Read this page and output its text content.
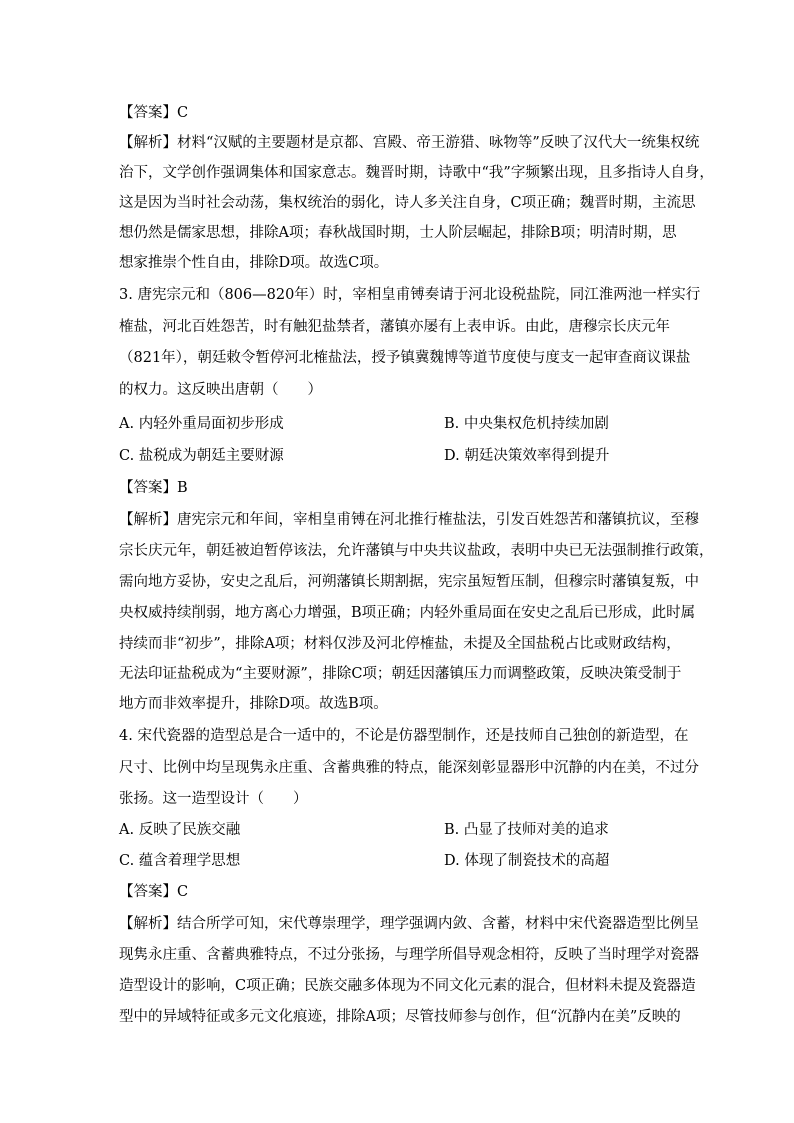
【答案】C
【解析】材料“汉赋的主要题材是京都、宫殿、帝王游猎、咏物等”反映了汉代大一统集权统
治下，文学创作强调集体和国家意志。魏晋时期，诗歌中“我”字频繁出现，且多指诗人自身，
这是因为当时社会动荡，集权统治的弱化，诗人多关注自身，C项正确；魏晋时期，主流思
想仍然是儒家思想，排除A项；春秋战国时期，士人阶层崛起，排除B项；明清时期，思
想家推崇个性自由，排除D项。故选C项。
3. 唐宪宗元和（806—820年）时，宰相皇甫镈奏请于河北设税盐院，同江淮两池一样实行
榷盐，河北百姓怨苦，时有触犯盐禁者，藩镇亦屡有上表申诉。由此，唐穆宗长庆元年
（821年），朝廷敕令暂停河北榷盐法，授予镇冀魏博等道节度使与度支一起审查商议课盐
的权力。这反映出唐朝（　　）
A. 内轻外重局面初步形成	B. 中央集权危机持续加剧
C. 盐税成为朝廷主要财源	D. 朝廷决策效率得到提升
【答案】B
【解析】唐宪宗元和年间，宰相皇甫镈在河北推行榷盐法，引发百姓怨苦和藩镇抗议，至穆
宗长庆元年，朝廷被迫暂停该法，允许藩镇与中央共议盐政，表明中央已无法强制推行政策，
需向地方妥协，安史之乱后，河朔藩镇长期割据，宪宗虽短暂压制，但穆宗时藩镇复叛，中
央权威持续削弱，地方离心力增强，B项正确；内轻外重局面在安史之乱后已形成，此时属
持续而非“初步”，排除A项；材料仅涉及河北停榷盐，未提及全国盐税占比或财政结构，
无法印证盐税成为“主要财源”，排除C项；朝廷因藩镇压力而调整政策，反映决策受制于
地方而非效率提升，排除D项。故选B项。
4. 宋代瓷器的造型总是合一适中的，不论是仿器型制作，还是技师自己独创的新造型，在
尺寸、比例中均呈现隽永庄重、含蓄典雅的特点，能深刻彰显器形中沉静的内在美，不过分
张扬。这一造型设计（　　）
A. 反映了民族交融	B. 凸显了技师对美的追求
C. 蕴含着理学思想	D. 体现了制瓷技术的高超
【答案】C
【解析】结合所学可知，宋代尊崇理学，理学强调内敛、含蓄，材料中宋代瓷器造型比例呈
现隽永庄重、含蓄典雅特点，不过分张扬，与理学所倡导观念相符，反映了当时理学对瓷器
造型设计的影响，C项正确；民族交融多体现为不同文化元素的混合，但材料未提及瓷器造
型中的异域特征或多元文化痕迹，排除A项；尽管技师参与创作，但“沉静内在美”反映的
